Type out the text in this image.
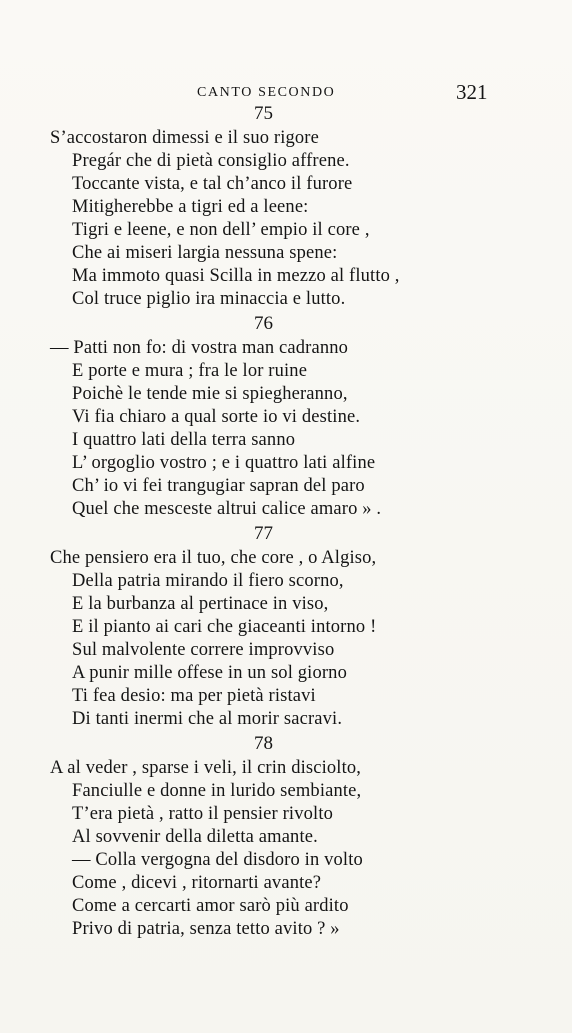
CANTO SECONDO	321
75
S’accostaron dimessi e il suo rigore
Pregár che di pietà consiglio affrene.
Toccante vista, e tal ch’anco il furore
Mitigherebbe a tigri ed a leene:
Tigri e leene, e non dell’ empio il core ,
Che ai miseri largia nessuna spene:
Ma immoto quasi Scilla in mezzo al flutto ,
Col truce piglio ira minaccia e lutto.
76
— Patti non fo: di vostra man cadranno
E porte e mura ; fra le lor ruine
Poichè le tende mie si spiegheranno,
Vi fia chiaro a qual sorte io vi destine.
I quattro lati della terra sanno
L’ orgoglio vostro ; e i quattro lati alfine
Ch’ io vi fei trangugiar sapran del paro
Quel che mesceste altrui calice amaro » .
77
Che pensiero era il tuo, che core , o Algiso,
Della patria mirando il fiero scorno,
E la burbanza al pertinace in viso,
E il pianto ai cari che giaceanti intorno !
Sul malvolente correre improvviso
A punir mille offese in un sol giorno
Ti fea desio: ma per pietà ristavi
Di tanti inermi che al morir sacravi.
78
A al veder , sparse i veli, il crin disciolto,
Fanciulle e donne in lurido sembiante,
T’era pietà , ratto il pensier rivolto
Al sovvenir della diletta amante.
— Colla vergogna del disdoro in volto
Come , dicevi , ritornarti avante?
Come a cercarti amor sarò più ardito
Privo di patria, senza tetto avito ? »
